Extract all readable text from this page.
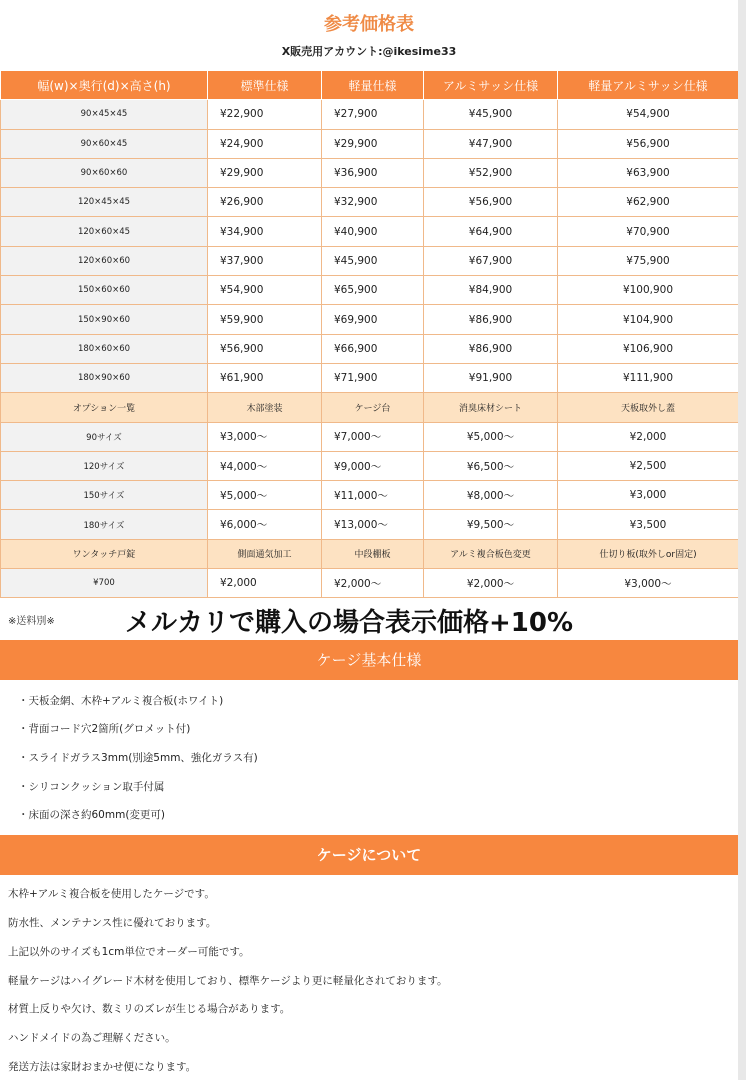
参考価格表
X販売用アカウント:@ikesime33
幅(w)×奥行(d)×高さ(h)	標準仕様	軽量仕様	アルミサッシ仕様	軽量アルミサッシ仕様
90×45×45	¥22,900	¥27,900	¥45,900	¥54,900
90×60×45	¥24,900	¥29,900	¥47,900	¥56,900
90×60×60	¥29,900	¥36,900	¥52,900	¥63,900
120×45×45	¥26,900	¥32,900	¥56,900	¥62,900
120×60×45	¥34,900	¥40,900	¥64,900	¥70,900
120×60×60	¥37,900	¥45,900	¥67,900	¥75,900
150×60×60	¥54,900	¥65,900	¥84,900	¥100,900
150×90×60	¥59,900	¥69,900	¥86,900	¥104,900
180×60×60	¥56,900	¥66,900	¥86,900	¥106,900
180×90×60	¥61,900	¥71,900	¥91,900	¥111,900
オプション一覧	木部塗装	ケージ台	消臭床材シート	天板取外し蓋
90サイズ	¥3,000〜	¥7,000〜	¥5,000〜	¥2,000
120サイズ	¥4,000〜	¥9,000〜	¥6,500〜	¥2,500
150サイズ	¥5,000〜	¥11,000〜	¥8,000〜	¥3,000
180サイズ	¥6,000〜	¥13,000〜	¥9,500〜	¥3,500
ワンタッチ戸錠	側面通気加工	中段棚板	アルミ複合板色変更	仕切り板(取外しor固定)
¥700	¥2,000	¥2,000〜	¥2,000〜	¥3,000〜
※送料別※	メルカリで購入の場合表示価格+10%
ケージ基本仕様
・天板金網、木枠+アルミ複合板(ホワイト)
・背面コード穴2箇所(グロメット付)
・スライドガラス3mm(別途5mm、強化ガラス有)
・シリコンクッション取手付属
・床面の深さ約60mm(変更可)
ケージについて
木枠+アルミ複合板を使用したケージです。
防水性、メンテナンス性に優れております。
上記以外のサイズも1cm単位でオーダー可能です。
軽量ケージはハイグレード木材を使用しており、標準ケージより更に軽量化されております。
材質上反りや欠け、数ミリのズレが生じる場合があります。
ハンドメイドの為ご理解ください。
発送方法は家財おまかせ便になります。
